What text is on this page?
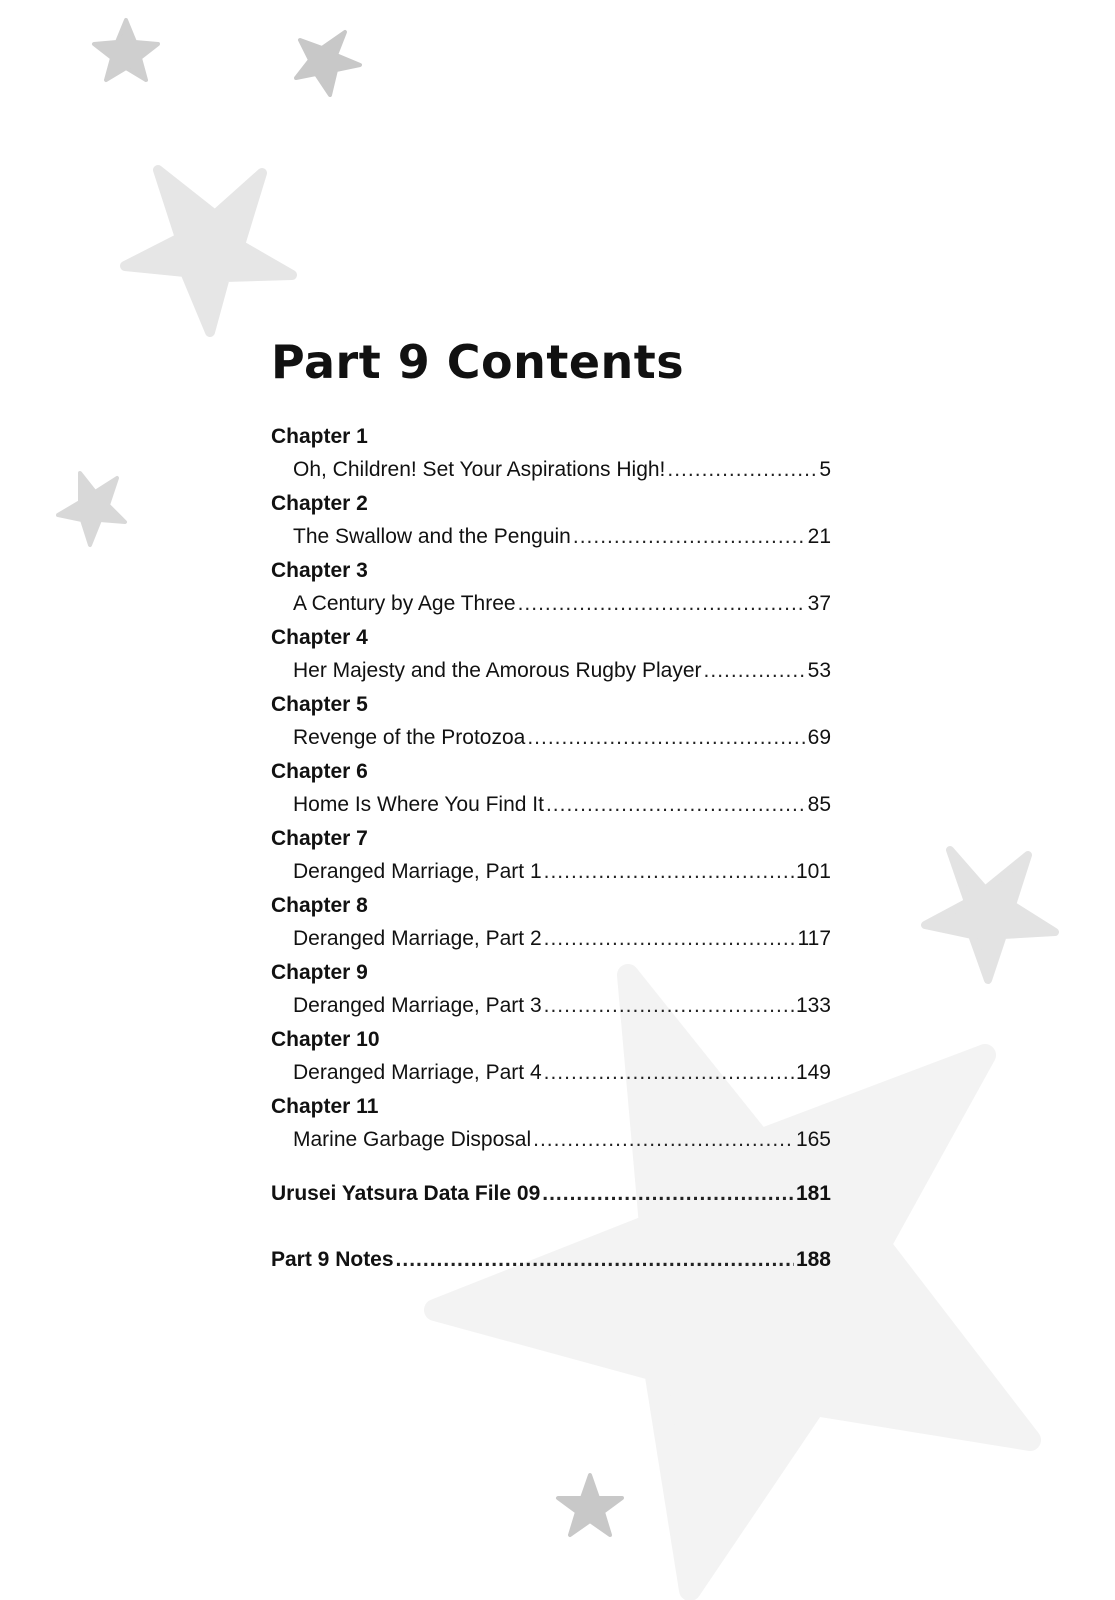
Part 9 Contents
Chapter 1
Oh, Children! Set Your Aspirations High! .....	5
Chapter 2
The Swallow and the Penguin .....	21
Chapter 3
A Century by Age Three .....	37
Chapter 4
Her Majesty and the Amorous Rugby Player .....	53
Chapter 5
Revenge of the Protozoa .....	69
Chapter 6
Home Is Where You Find It .....	85
Chapter 7
Deranged Marriage, Part 1 .....	101
Chapter 8
Deranged Marriage, Part 2 .....	117
Chapter 9
Deranged Marriage, Part 3 .....	133
Chapter 10
Deranged Marriage, Part 4 .....	149
Chapter 11
Marine Garbage Disposal .....	165
Urusei Yatsura Data File 09 .....	181
Part 9 Notes .....	188
